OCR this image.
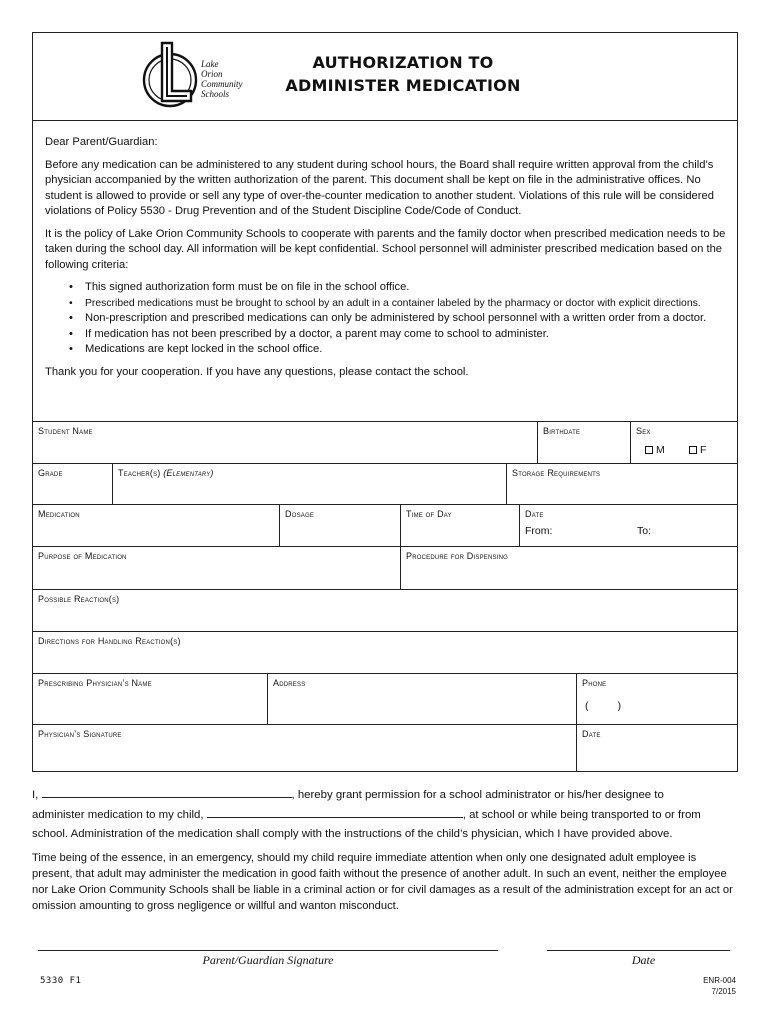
Lake
Orion
Community
Schools
AUTHORIZATION TO
ADMINISTER MEDICATION

Dear Parent/Guardian:

Before any medication can be administered to any student during school hours, the Board shall require written approval from the child’s physician accompanied by the written authorization of the parent. This document shall be kept on file in the administrative offices. No student is allowed to provide or sell any type of over-the-counter medication to another student. Violations of this rule will be considered violations of Policy 5530 - Drug Prevention and of the Student Discipline Code/Code of Conduct.

It is the policy of Lake Orion Community Schools to cooperate with parents and the family doctor when prescribed medication needs to be taken during the school day. All information will be kept confidential. School personnel will administer prescribed medication based on the following criteria:

• This signed authorization form must be on file in the school office.
• Prescribed medications must be brought to school by an adult in a container labeled by the pharmacy or doctor with explicit directions.
• Non-prescription and prescribed medications can only be administered by school personnel with a written order from a doctor.
• If medication has not been prescribed by a doctor, a parent may come to school to administer.
• Medications are kept locked in the school office.

Thank you for your cooperation. If you have any questions, please contact the school.

Student Name	Birthdate	Sex
M	F
Grade	Teacher(s) (Elementary)	Storage Requirements
Medication	Dosage	Time of Day	Date
From:	To:
Purpose of Medication	Procedure for Dispensing
Possible Reaction(s)
Directions for Handling Reaction(s)
Prescribing Physician’s Name	Address	Phone
(          )
Physician’s Signature	Date
I,	, hereby grant permission for a school administrator or his/her designee to
administer medication to my child,	, at school or while being transported to or from
school. Administration of the medication shall comply with the instructions of the child’s physician, which I have provided above.
Time being of the essence, in an emergency, should my child require immediate attention when only one designated adult employee is present, that adult may administer the medication in good faith without the presence of another adult. In such an event, neither the employee nor Lake Orion Community Schools shall be liable in a criminal action or for civil damages as a result of the administration except for an act or omission amounting to gross negligence or willful and wanton misconduct.
Parent/Guardian Signature	Date
5330 F1	ENR-004
7/2015
